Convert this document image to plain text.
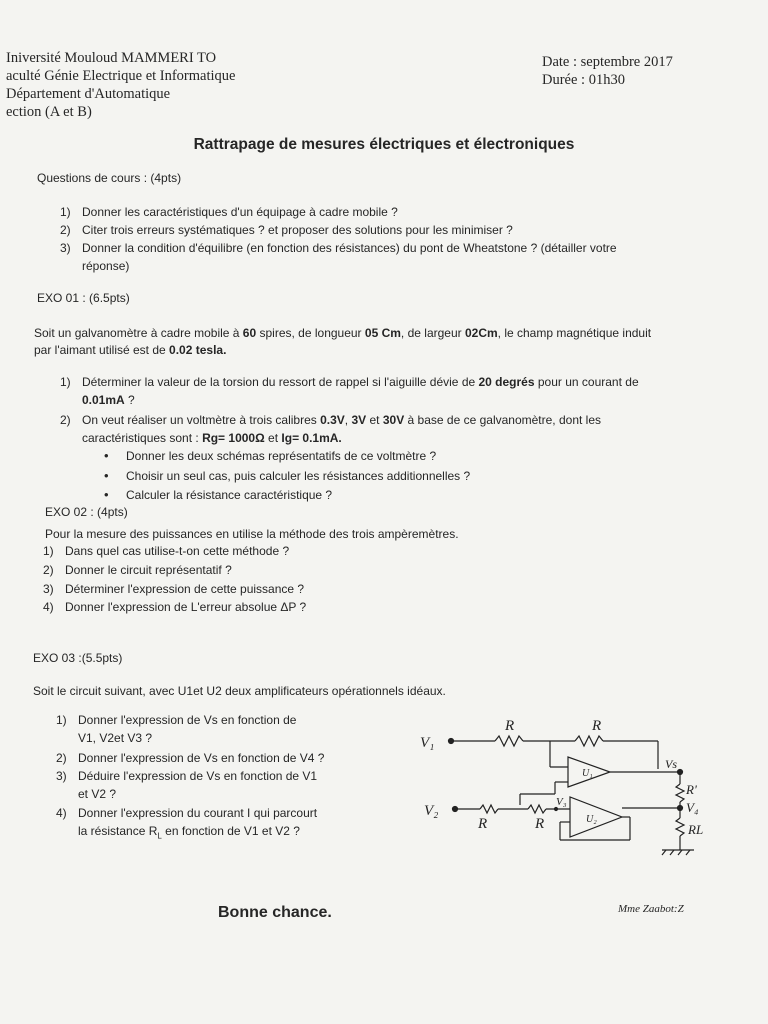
Iniversité Mouloud MAMMERI TO
aculté Génie Electrique et Informatique
Département d'Automatique
ection (A et B)
Date : septembre 2017
Durée : 01h30
Rattrapage de mesures électriques et électroniques
Questions de cours : (4pts)
1) Donner les caractéristiques d'un équipage à cadre mobile ?
2) Citer trois erreurs systématiques ? et proposer des solutions pour les minimiser ?
3) Donner la condition d'équilibre (en fonction des résistances) du pont de Wheatstone ? (détailler votre
réponse)
EXO 01 : (6.5pts)
Soit un galvanomètre à cadre mobile à 60 spires, de longueur 05 Cm, de largeur 02Cm, le champ magnétique induit
par l'aimant utilisé est de 0.02 tesla.
1) Déterminer la valeur de la torsion du ressort de rappel si l'aiguille dévie de 20 degrés pour un courant de
0.01mA ?
2) On veut réaliser un voltmètre à trois calibres 0.3V, 3V et 30V à base de ce galvanomètre, dont les
caractéristiques sont : Rg= 1000Ω et Ig= 0.1mA.
• Donner les deux schémas représentatifs de ce voltmètre ?
• Choisir un seul cas, puis calculer les résistances additionnelles ?
• Calculer la résistance caractéristique ?
EXO 02 : (4pts)
Pour la mesure des puissances en utilise la méthode des trois ampèremètres.
1) Dans quel cas utilise-t-on cette méthode ?
2) Donner le circuit représentatif ?
3) Déterminer l'expression de cette puissance ?
4) Donner l'expression de L'erreur absolue ΔP ?
EXO 03 :(5.5pts)
Soit le circuit suivant, avec U1et U2 deux amplificateurs opérationnels idéaux.
1) Donner l'expression de Vs en fonction de
V1, V2et V3 ?
2) Donner l'expression de Vs en fonction de V4 ?
3) Déduire l'expression de Vs en fonction de V1
et V2 ?
4) Donner l'expression du courant I qui parcourt
la résistance $R_L$ en fonction de V1 et V2 ?
V₁
V₂
V₃	V₄
Vs
R	R
R	R
R'
RL
U₁
U₂
Bonne chance.	Mme Zaabot:Z
